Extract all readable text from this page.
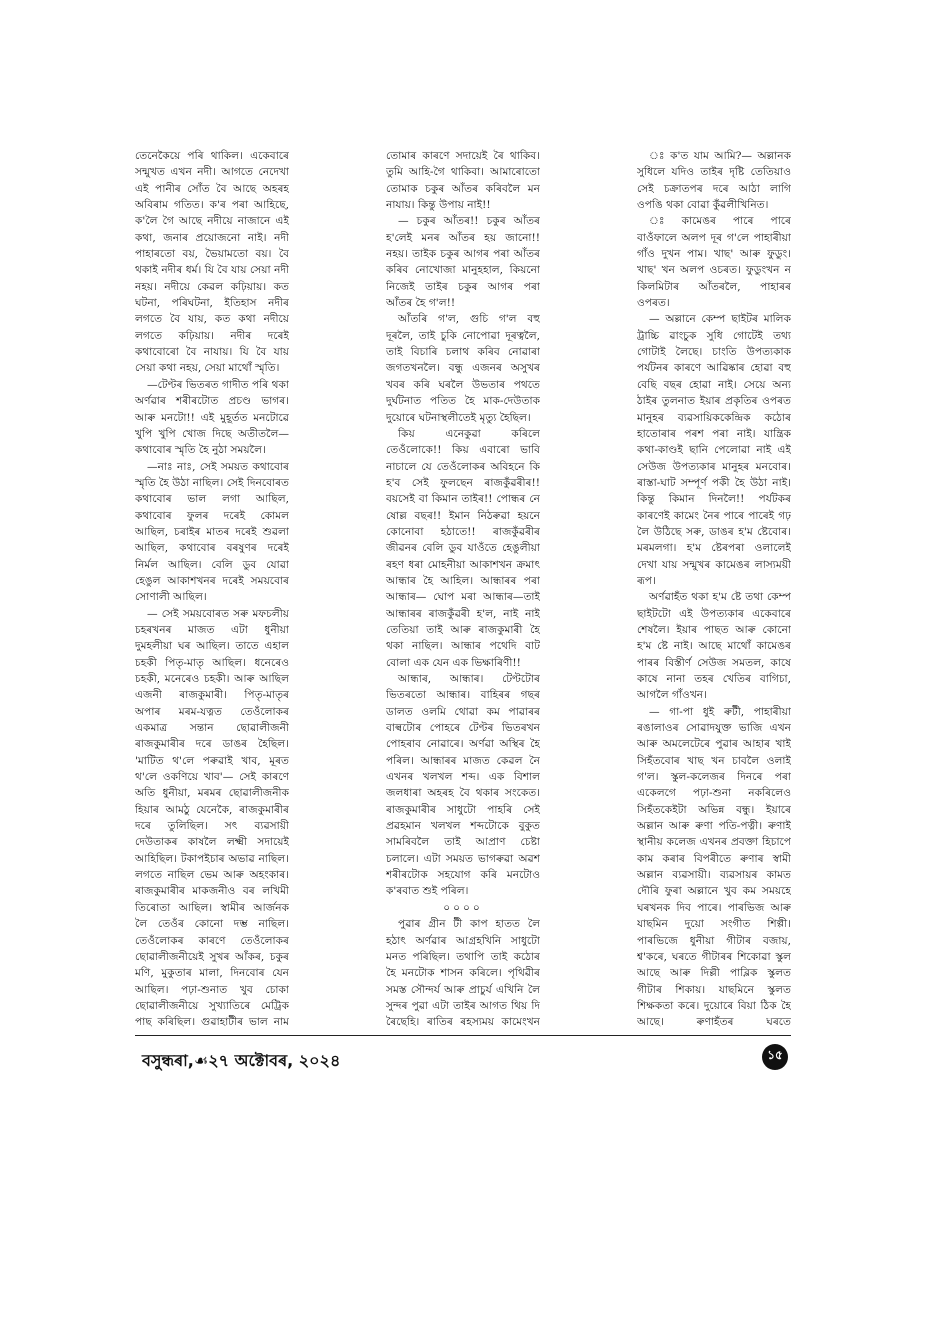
তেনেকৈয়ে পৰি থাকিল। একেবাৰে সন্মুখত এখন নদী। আগতে নেদেখা এই পানীৰ সোঁত বৈ আছে অহৰহ অবিৰাম গতিত। ক'ৰ পৰা আহিছে, ক'লৈ গৈ আছে নদীয়ে নাজানে এই কথা, জনাৰ প্ৰয়োজনো নাই। নদী পাহাৰতো বয়, ভৈয়ামতো বয়। বৈ থকাই নদীৰ ধৰ্ম। যি বৈ যায় সেয়া নদী নহয়। নদীয়ে কেৱল কঢ়িয়ায়। কত ঘটনা, পৰিঘটনা, ইতিহাস নদীৰ লগতে বৈ যায়, কত কথা নদীয়ে লগতে কঢ়িয়ায়। নদীৰ দৰেই কথাবোৰো বৈ নাযায়। যি বৈ যায় সেয়া কথা নহয়, সেয়া মাথোঁ স্মৃতি।

—টেণ্টৰ ভিতৰত গাদীত পৰি থকা অৰ্ণৱাৰ শৰীৰটোত প্ৰচণ্ড ভাগৰ। আৰু মনটো!! এই মুহূৰ্তত মনটোৱে খুপি খুপি খোজ দিছে অতীতলৈ— কথাবোৰ স্মৃতি হৈ নুঠা সময়লৈ।

—নাঃ নাঃ, সেই সময়ত কথাবোৰ স্মৃতি হৈ উঠা নাছিল। সেই দিনবোৰত কথাবোৰ ভাল লগা আছিল, কথাবোৰ ফুলৰ দৰেই কোমল আছিল, চৰাইৰ মাতৰ দৰেই শুৱলা আছিল, কথাবোৰ বৰষুণৰ দৰেই নিৰ্মল আছিল। বেলি ডুব যোৱা হেঙুল আকাশখনৰ দৰেই সময়বোৰ সোণালী আছিল।

— সেই সময়বোৰত সৰু মফচলীয় চহৰখনৰ মাজত এটা ধুনীয়া দুমহলীয়া ঘৰ আছিল। তাতে এহাল চহকী পিতৃ-মাতৃ আছিল। ধনেৰেও চহকী, মনেৰেও চহকী। আৰু আছিল এজনী ৰাজকুমাৰী। পিতৃ-মাতৃৰ অপাৰ মৰম-যত্নত তেওঁলোকৰ একমাত্ৰ সন্তান ছোৱালীজনী ৰাজকুমাৰীৰ দৰে ডাঙৰ হৈছিল। 'মাটিত থ'লে পৰুৱাই খাব, মূৰত থ'লে ওকণিয়ে খাব'— সেই কাৰণে অতি ধুনীয়া, মৰমৰ ছোৱালীজনীক হিয়াৰ আমঠু যেনেকৈ, ৰাজকুমাৰীৰ দৰে তুলিছিল। সৎ ব্যৱসায়ী দেউতাকৰ কাষলৈ লক্ষ্মী সদায়েই আহিছিল। টকাপইচাৰ অভাৱ নাছিল। লগতে নাছিল ভেম আৰু অহংকাৰ। ৰাজকুমাৰীৰ মাকজনীও বৰ লখিমী তিৰোতা আছিল। স্বামীৰ আৰ্জনক লৈ তেওঁৰ কোনো দম্ভ নাছিল। তেওঁলোকৰ কাৰণে তেওঁলোকৰ ছোৱালীজনীয়েই সুখৰ আঁকৰ, চকুৰ মণি, মুকুতাৰ মালা, দিনবোৰ যেন আছিল। পঢ়া-শুনাত খুব চোকা ছোৱালীজনীয়ে সুখ্যাতিৰে মেট্ৰিক পাছ কৰিছিল। গুৱাহাটীৰ ভাল নাম

তোমাৰ কাৰণে সদায়েই ৰৈ থাকিব। তুমি আহি-গৈ থাকিবা। আমাৰোতো তোমাক চকুৰ আঁতৰ কৰিবলৈ মন নাযায়। কিন্তু উপায় নাই!!

— চকুৰ আঁতৰ!! চকুৰ আঁতৰ হ'লেই মনৰ আঁতৰ হয় জানো!! নহয়। তাইক চকুৰ আগৰ পৰা আঁতৰ কৰিব নোখোজা মানুহহাল, কিয়নো নিজেই তাইৰ চকুৰ আগৰ পৰা আঁতৰ হৈ গ'ল!!

আঁতৰি গ'ল, গুচি গ'ল বহু দূৰলৈ, তাই চুকি নোপোৱা দূৰত্বলৈ, তাই বিচাৰি চলাথ কৰিব নোৱাৰা জগতখনলৈ। বন্ধু এজনৰ অসুখৰ খবৰ কৰি ঘৰলৈ উভতাৰ পথতে দুৰ্ঘটনাত পতিত হৈ মাক-দেউতাক দুয়োৰে ঘটনাস্থলীতেই মৃত্যু হৈছিল।

কিয় এনেকুৱা কৰিলে তেওঁলোকে!! কিয় এবাৰো ভাবি নাচালে যে তেওঁলোকৰ অবিহনে কি হ'ব সেই ফুলছেন ৰাজকুঁৱৰীৰ!! বয়সেই বা কিমান তাইৰ!! পোন্ধৰ নে ষোল্ল বছৰ!! ইমান নিঠৰুৱা হয়নে কোনোবা হঠাতে!! ৰাজকুঁৱৰীৰ জীৱনৰ বেলি ডুব যাওঁতে হেঙুলীয়া ৰহণ ধৰা মোহনীয়া আকাশখন ক্ৰমাৎ আন্ধাৰ হৈ আহিল। আন্ধাৰৰ পৰা আন্ধাৰ— ঘোপ মৰা আন্ধাৰ—তাই আন্ধাৰৰ ৰাজকুঁৱৰী হ'ল, নাই নাই তেতিয়া তাই আৰু ৰাজকুমাৰী হৈ থকা নাছিল। আন্ধাৰ পথেদি বাট বোলা এক যেন এক ভিক্ষাৰিণী!!

আন্ধাৰ, আন্ধাৰ। টেণ্টটোৰ ভিতৰতো আন্ধাৰ। বাহিৰৰ গছৰ ডালত ওলমি থোৱা কম পাৱাৰৰ বাল্বটোৰ পোহৰে টেণ্টৰ ভিতৰখন পোহৰাব নোৱাৰে। অৰ্ণৱা অস্থিৰ হৈ পৰিল। আন্ধাৰৰ মাজত কেৱল নৈ এখনৰ খলখল শব্দ। এক বিশাল জলধাৰা অহৰহ বৈ থকাৰ সংকেত। ৰাজকুমাৰীৰ সাধুটো পাহৰি সেই প্ৰৱহমান খলখল শব্দটোকে বুকুত সামৰিবলৈ তাই আপ্ৰাণ চেষ্টা চলালে। এটা সময়ত ভাগৰুৱা অৱশ শৰীৰটোক সহযোগ কৰি মনটোও ক'ৰবাত শুই পৰিল।

০০০০

পুৱাৰ গ্ৰীন টী কাপ হাতত লৈ হঠাৎ অৰ্ণৱাৰ আগ্ৰহখিনি সাধুটো মনত পৰিছিল। তথাপি তাই কঠোৰ হৈ মনটোক শাসন কৰিলে। পৃথিৱীৰ সমস্ত সৌন্দৰ্য আৰু প্ৰাচুৰ্য এখিনি লৈ সুন্দৰ পুৱা এটা তাইৰ আগত থিয় দি ৰৈছেহি। ৰাতিৰ ৰহস্যময় কামেংখন

ঃ ক'ত যাম আমি?— অল্লানক সুধিলে যদিও তাইৰ দৃষ্টি তেতিয়াও সেই চক্ৰাতপৰ দৰে আঠা লাগি ওপঙি থকা বোৱা কুঁৱলীখিনিত।

ঃ কামেঙৰ পাৰে পাৰে বাওঁফালে অলপ দূৰ গ'লে পাহাৰীয়া গাঁও দুখন পাম। খাছ' আৰু ফুডুং। খাছ' খন অলপ ওচৰত। ফুডুংখন ন কিলমিটাৰ আঁতৰলৈ, পাহাৰৰ ওপৰত।

— অল্লানে কেম্প ছাইটৰ মালিক ট্ৰাচ্চি ৱাংচুক সুধি গোটেই তথ্য গোটাই লৈছে। চাংতি উপত্যকাক পৰ্যটনৰ কাৰণে আৱিষ্কাৰ হোৱা বহু বেছি বছৰ হোৱা নাই। সেয়ে অন্য ঠাইৰ তুলনাত ইয়াৰ প্ৰকৃতিৰ ওপৰত মানুহৰ ব্যৱসায়িককেন্দ্ৰিক কঠোৰ হাতোৰাৰ পৰশ পৰা নাই। যান্ত্ৰিক কথা-কাণ্ডই ছানি পেলোৱা নাই এই সেউজ উপত্যকাৰ মানুহৰ মনবোৰ। ৰাস্তা-ঘাট সম্পূৰ্ণ পকী হৈ উঠা নাই। কিন্তু কিমান দিনলৈ!! পৰ্যটকৰ কাৰণেই কামেং নৈৰ পাৰে পাৰেই গঢ় লৈ উঠিছে সৰু, ডাঙৰ হ'ম ষ্টেবোৰ। মৰমলগা। হ'ম ষ্টেৰপৰা ওলালেই দেখা যায় সন্মুখৰ কামেঙৰ লাস্যময়ী ৰূপ।

অৰ্ণৱাহঁত থকা হ'ম ষ্টে তথা কেম্প ছাইটটো এই উপত্যকাৰ একেবাৰে শেষলৈ। ইয়াৰ পাছত আৰু কোনো হ'ম ষ্টে নাই। আছে মাথোঁ কামেঙৰ পাৰৰ বিস্তীৰ্ণ সেউজ সমতল, কাষে কাষে নানা তহৰ খেতিৰ বাগিচা, আগলৈ গাঁওখন।

— গা-পা ধুই ৰুটী, পাহাৰীয়া ৰঙালাওৰ সোৱাদযুক্ত ভাজি এখন আৰু অমলেটেৰে পুৱাৰ আহাৰ খাই সিহঁতবোৰ খাছ খন চাবলৈ ওলাই গ'ল। স্কুল-কলেজৰ দিনৰে পৰা একেলগে পঢ়া-শুনা নকৰিলেও সিহঁতকেইটা অভিন্ন বন্ধু। ইয়াৰে অল্লান আৰু ৰুণা পতি-পত্নী। ৰুণাই স্থানীয় কলেজ এখনৰ প্ৰবক্তা হিচাপে কাম কৰাৰ বিপৰীতে ৰুণাৰ স্বামী অল্লান ব্যৱসায়ী। ব্যৱসায়ৰ কামত দৌৰি ফুৰা অল্লানে খুব কম সময়হে ঘৰখনক দিব পাৰে। পাৰভিজ আৰু যাছমিন দুয়ো সংগীত শিল্পী। পাৰভিজে ধুনীয়া গীটাৰ বজায়, শ্ব'কৰে, ঘৰতে গীটাৰৰ শিকোৱা স্কুল আছে আৰু দিল্লী পাব্লিক স্কুলত গীটাৰ শিকায়। যাছমিনে স্কুলত শিক্ষকতা কৰে। দুয়োৰে বিয়া ঠিক হৈ আছে। ৰুণাহঁতৰ ঘৰতে

বসুন্ধৰা,☙২৭ অক্টোবৰ, ২০২৪	১৫
